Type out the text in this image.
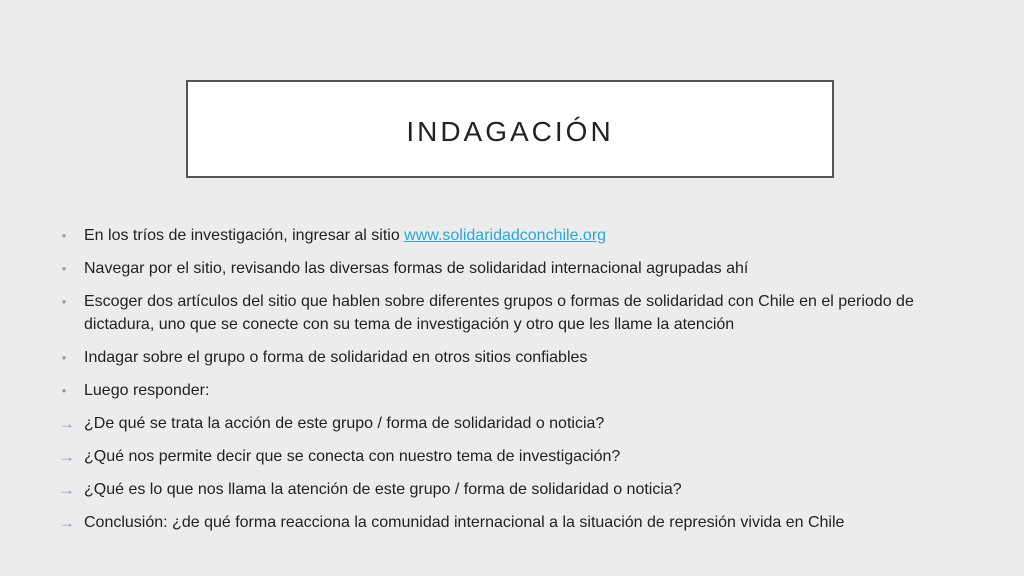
INDAGACIÓN
• En los tríos de investigación, ingresar al sitio www.solidaridadconchile.org
• Navegar por el sitio, revisando las diversas formas de solidaridad internacional agrupadas ahí
• Escoger dos artículos del sitio que hablen sobre diferentes grupos o formas de solidaridad con Chile en el periodo de dictadura, uno que se conecte con su tema de investigación y otro que les llame la atención
• Indagar sobre el grupo o forma de solidaridad en otros sitios confiables
• Luego responder:
→ ¿De qué se trata la acción de este grupo / forma de solidaridad o noticia?
→ ¿Qué nos permite decir que se conecta con nuestro tema de investigación?
→ ¿Qué es lo que nos llama la atención de este grupo / forma de solidaridad o noticia?
→ Conclusión: ¿de qué forma reacciona la comunidad internacional a la situación de represión vivida en Chile
